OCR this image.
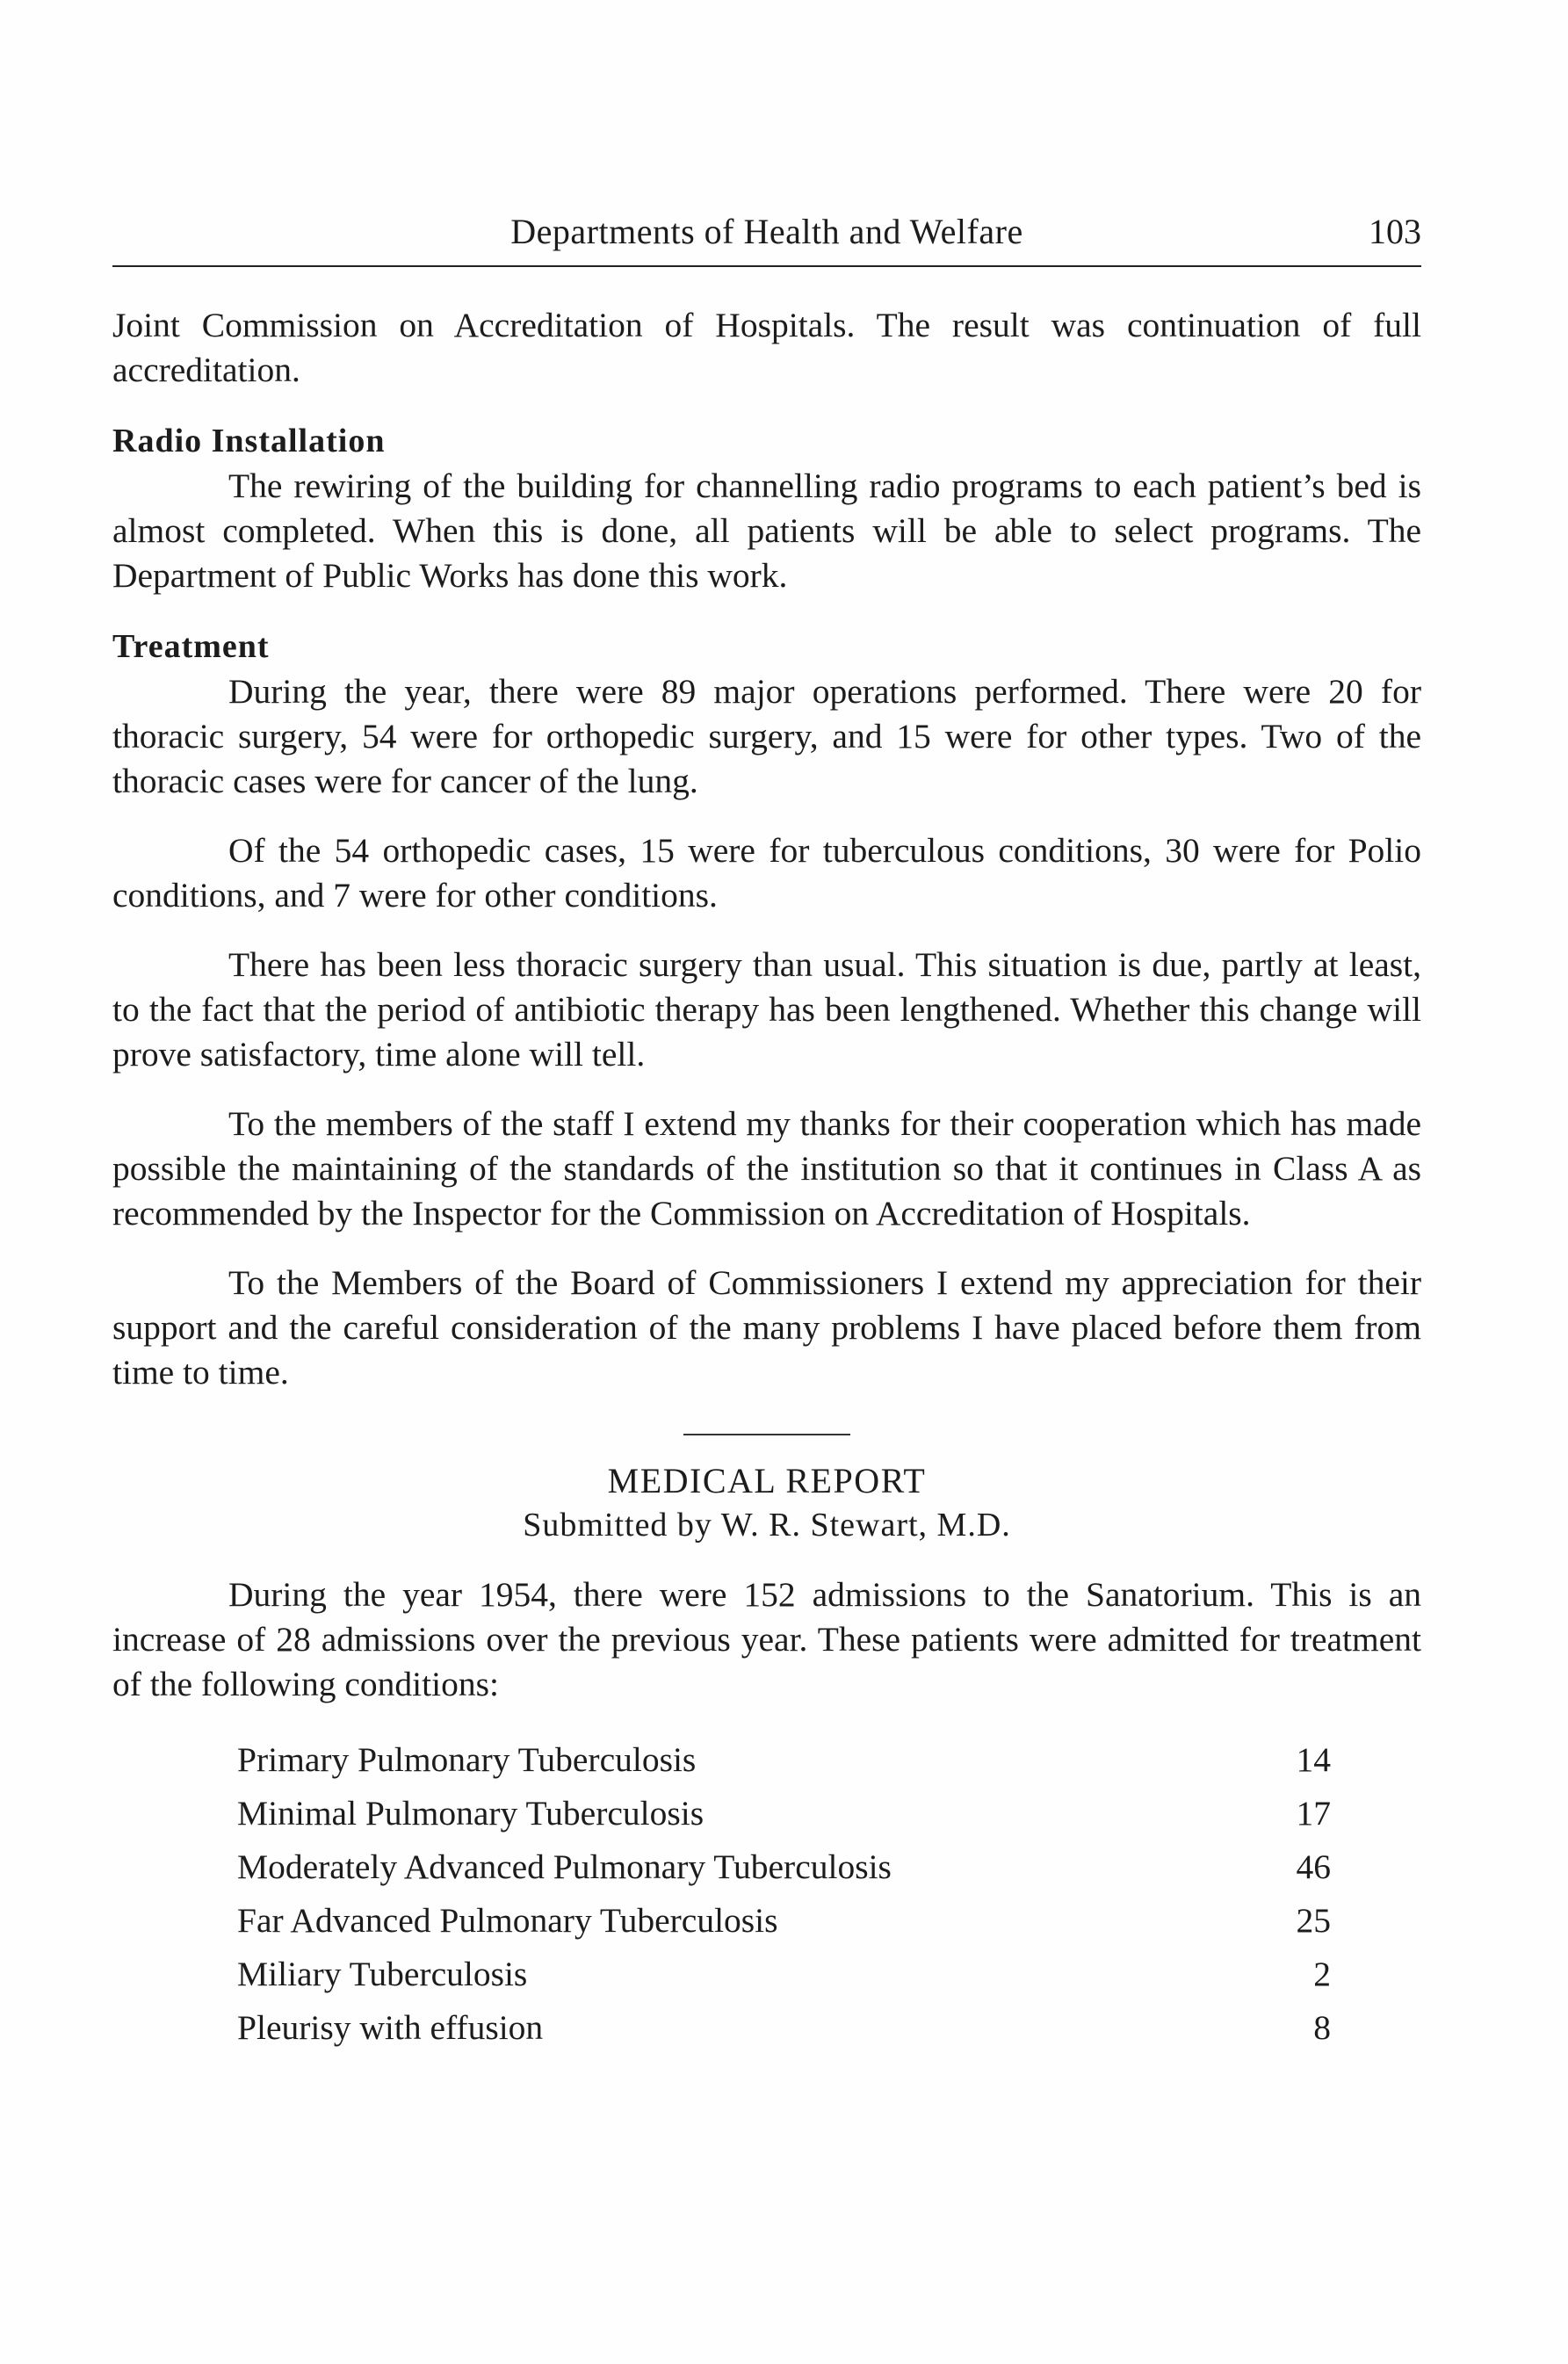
Departments of Health and Welfare	103

Joint Commission on Accreditation of Hospitals. The result was continuation of full accreditation.

Radio Installation

The rewiring of the building for channelling radio programs to each patient’s bed is almost completed. When this is done, all patients will be able to select programs. The Department of Public Works has done this work.

Treatment

During the year, there were 89 major operations performed. There were 20 for thoracic surgery, 54 were for orthopedic surgery, and 15 were for other types. Two of the thoracic cases were for cancer of the lung.

Of the 54 orthopedic cases, 15 were for tuberculous conditions, 30 were for Polio conditions, and 7 were for other conditions.

There has been less thoracic surgery than usual. This situation is due, partly at least, to the fact that the period of antibiotic therapy has been lengthened. Whether this change will prove satisfactory, time alone will tell.

To the members of the staff I extend my thanks for their cooperation which has made possible the maintaining of the standards of the institution so that it continues in Class A as recommended by the Inspector for the Commission on Accreditation of Hospitals.

To the Members of the Board of Commissioners I extend my appreciation for their support and the careful consideration of the many problems I have placed before them from time to time.

MEDICAL REPORT

Submitted by W. R. Stewart, M.D.

During the year 1954, there were 152 admissions to the Sanatorium. This is an increase of 28 admissions over the previous year. These patients were admitted for treatment of the following conditions:

Primary Pulmonary Tuberculosis	14
Minimal Pulmonary Tuberculosis	17
Moderately Advanced Pulmonary Tuberculosis	46
Far Advanced Pulmonary Tuberculosis	25
Miliary Tuberculosis	2
Pleurisy with effusion	8
